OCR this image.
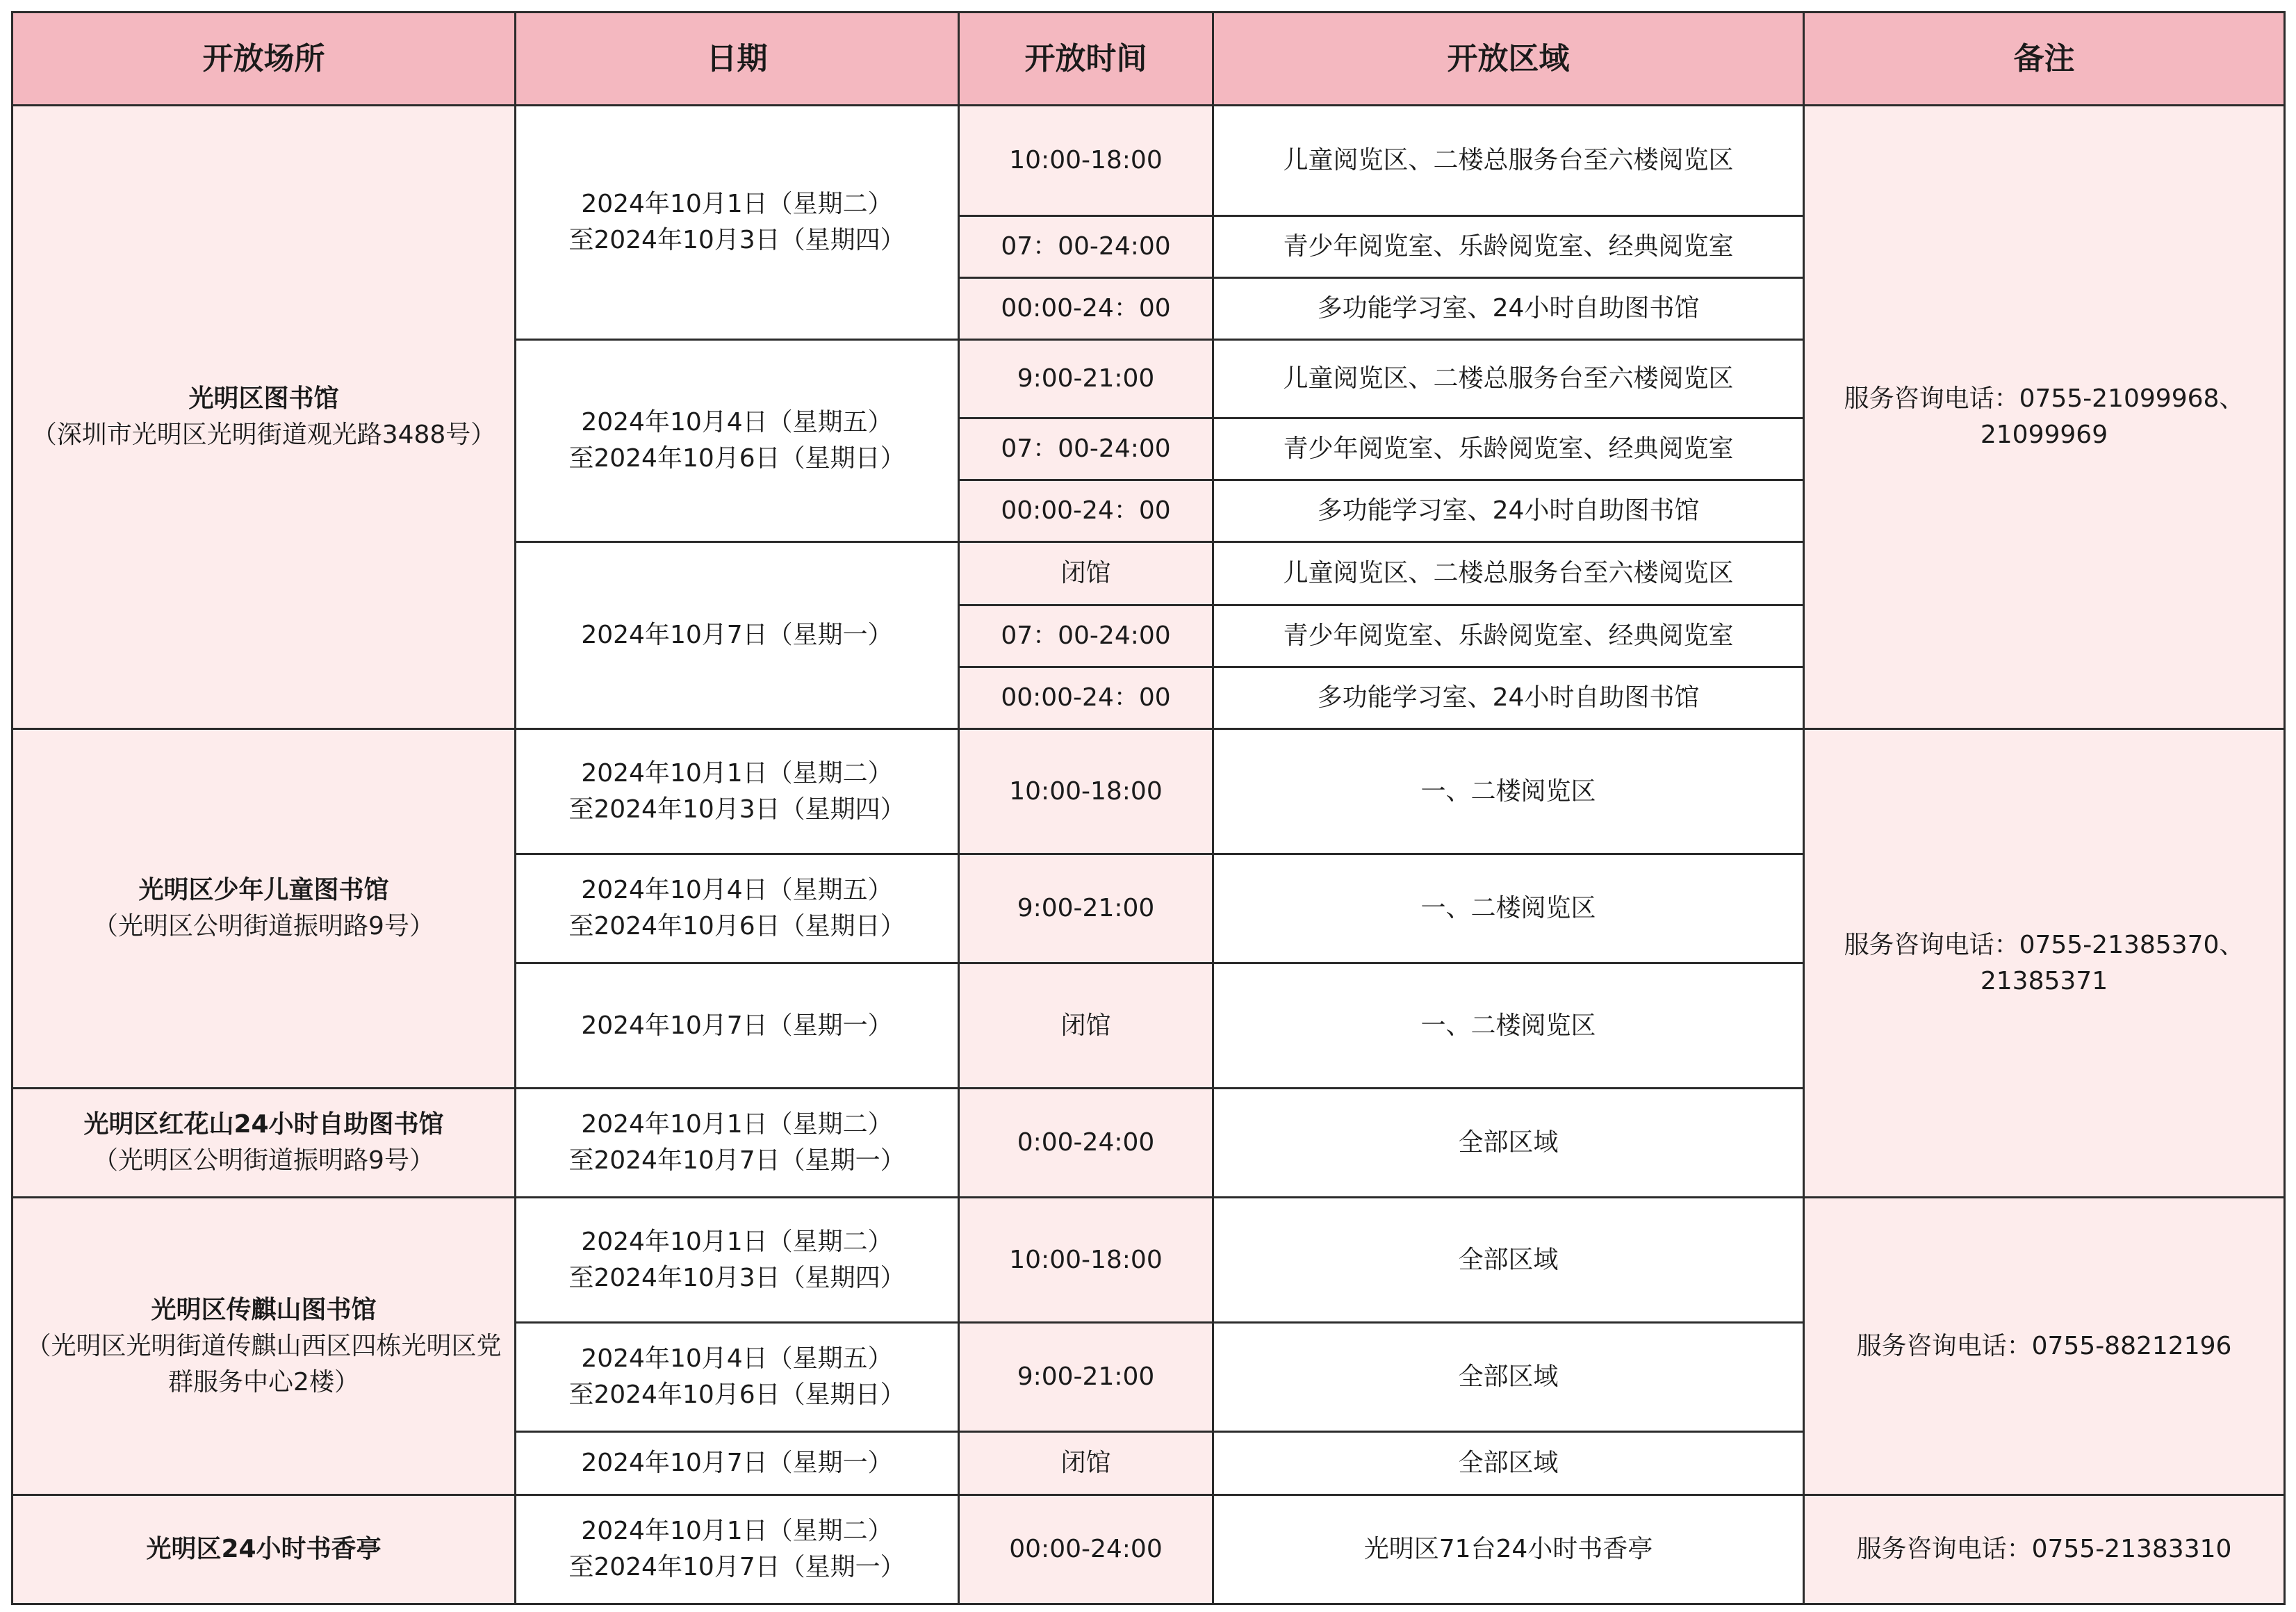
开放场所	日期	开放时间	开放区域	备注

光明区图书馆
（深圳市光明区光明街道观光路3488号）	2024年10月1日（星期二）
至2024年10月3日（星期四）	10:00-18:00	儿童阅览区、二楼总服务台至六楼阅览区	服务咨询电话：0755-21099968、21099969
		07：00-24:00	青少年阅览室、乐龄阅览室、经典阅览室	
		00:00-24：00	多功能学习室、24小时自助图书馆	

	2024年10月4日（星期五）
至2024年10月6日（星期日）	9:00-21:00	儿童阅览区、二楼总服务台至六楼阅览区	
		07：00-24:00	青少年阅览室、乐龄阅览室、经典阅览室	
		00:00-24：00	多功能学习室、24小时自助图书馆	

	2024年10月7日（星期一）	闭馆	儿童阅览区、二楼总服务台至六楼阅览区	
		07：00-24:00	青少年阅览室、乐龄阅览室、经典阅览室	
		00:00-24：00	多功能学习室、24小时自助图书馆	

光明区少年儿童图书馆
（光明区公明街道振明路9号）	2024年10月1日（星期二）
至2024年10月3日（星期四）	10:00-18:00	一、二楼阅览区	服务咨询电话：0755-21385370、21385371

	2024年10月4日（星期五）
至2024年10月6日（星期日）	9:00-21:00	一、二楼阅览区	

	2024年10月7日（星期一）	闭馆	一、二楼阅览区	

光明区红花山24小时自助图书馆
（光明区公明街道振明路9号）	2024年10月1日（星期二）
至2024年10月7日（星期一）	0:00-24:00	全部区域	

光明区传麒山图书馆
（光明区光明街道传麒山西区四栋光明区党群服务中心2楼）	2024年10月1日（星期二）
至2024年10月3日（星期四）	10:00-18:00	全部区域	服务咨询电话：0755-88212196

	2024年10月4日（星期五）
至2024年10月6日（星期日）	9:00-21:00	全部区域	

	2024年10月7日（星期一）	闭馆	全部区域	

光明区24小时书香亭	2024年10月1日（星期二）
至2024年10月7日（星期一）	00:00-24:00	光明区71台24小时书香亭	服务咨询电话：0755-21383310
